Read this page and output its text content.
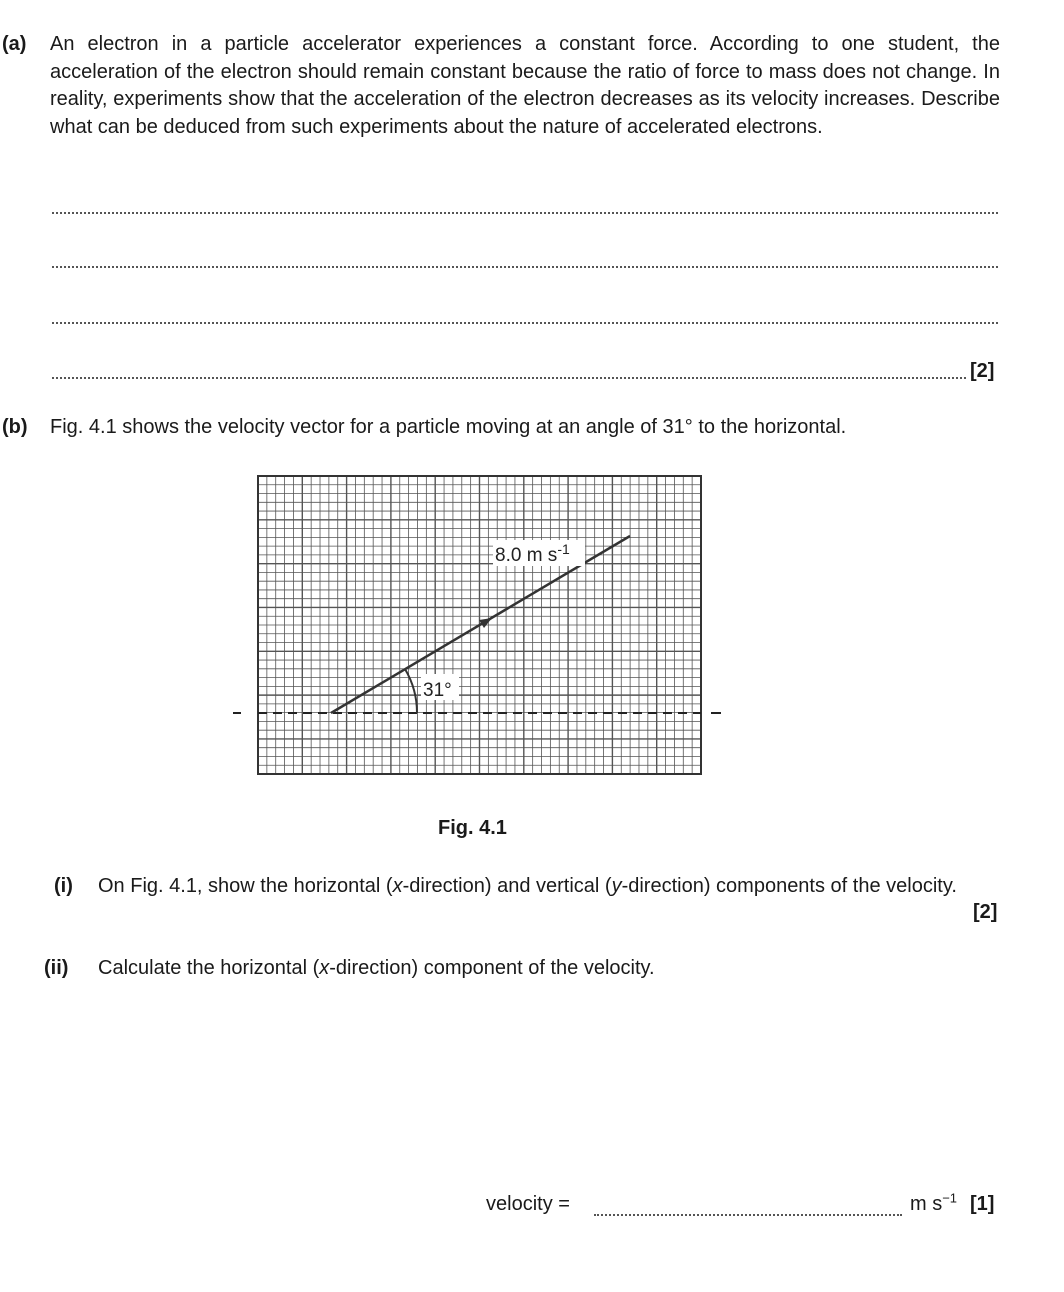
(a) An electron in a particle accelerator experiences a constant force. According to one student, the acceleration of the electron should remain constant because the ratio of force to mass does not change. In reality, experiments show that the acceleration of the electron decreases as its velocity increases. Describe what can be deduced from such experiments about the nature of accelerated electrons.
[2]
(b) Fig. 4.1 shows the velocity vector for a particle moving at an angle of 31° to the horizontal.
31°
8.0 m $s^{-1}$
Fig. 4.1
(i) On Fig. 4.1, show the horizontal (x-direction) and vertical (y-direction) components of the velocity.
[2]
(ii) Calculate the horizontal (x-direction) component of the velocity.
velocity =	m $s^{-1}$ [1]
